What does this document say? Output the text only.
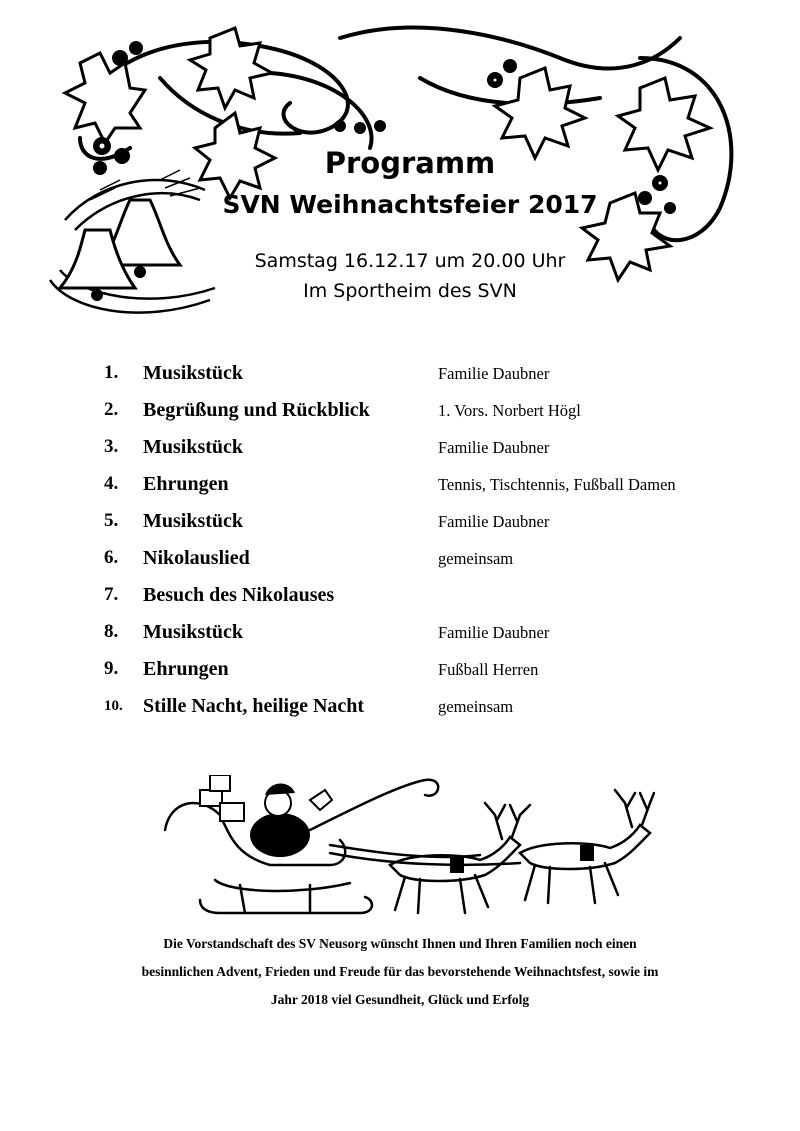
Programm
SVN Weihnachtsfeier 2017
Samstag 16.12.17 um 20.00 Uhr
Im Sportheim des SVN
1.	Musikstück	Familie Daubner
2.	Begrüßung und Rückblick	1. Vors. Norbert Högl
3.	Musikstück	Familie Daubner
4.	Ehrungen	Tennis, Tischtennis, Fußball Damen
5.	Musikstück	Familie Daubner
6.	Nikolauslied	gemeinsam
7.	Besuch des Nikolauses
8.	Musikstück	Familie Daubner
9.	Ehrungen	Fußball Herren
10.	Stille Nacht, heilige Nacht	gemeinsam
Die Vorstandschaft des SV Neusorg wünscht Ihnen und Ihren Familien noch einen
besinnlichen Advent, Frieden und Freude für das bevorstehende Weihnachtsfest, sowie im
Jahr 2018 viel Gesundheit, Glück und Erfolg
